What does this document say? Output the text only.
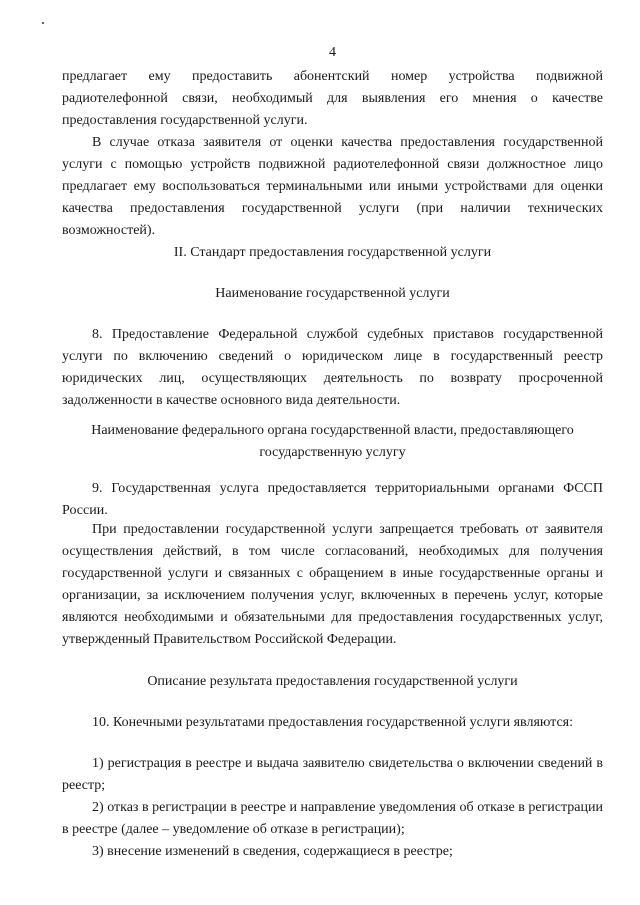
4

предлагает ему предоставить абонентский номер устройства подвижной радиотелефонной связи, необходимый для выявления его мнения о качестве предоставления государственной услуги.

В случае отказа заявителя от оценки качества предоставления государственной услуги с помощью устройств подвижной радиотелефонной связи должностное лицо предлагает ему воспользоваться терминальными или иными устройствами для оценки качества предоставления государственной услуги (при наличии технических возможностей).

II. Стандарт предоставления государственной услуги

Наименование государственной услуги

8. Предоставление Федеральной службой судебных приставов государственной услуги по включению сведений о юридическом лице в государственный реестр юридических лиц, осуществляющих деятельность по возврату просроченной задолженности в качестве основного вида деятельности.

Наименование федерального органа государственной власти, предоставляющего государственную услугу

9. Государственная услуга предоставляется территориальными органами ФССП России.

При предоставлении государственной услуги запрещается требовать от заявителя осуществления действий, в том числе согласований, необходимых для получения государственной услуги и связанных с обращением в иные государственные органы и организации, за исключением получения услуг, включенных в перечень услуг, которые являются необходимыми и обязательными для предоставления государственных услуг, утвержденный Правительством Российской Федерации.

Описание результата предоставления государственной услуги

10. Конечными результатами предоставления государственной услуги являются:

1) регистрация в реестре и выдача заявителю свидетельства о включении сведений в реестр;

2) отказ в регистрации в реестре и направление уведомления об отказе в регистрации в реестре (далее – уведомление об отказе в регистрации);

3) внесение изменений в сведения, содержащиеся в реестре;
